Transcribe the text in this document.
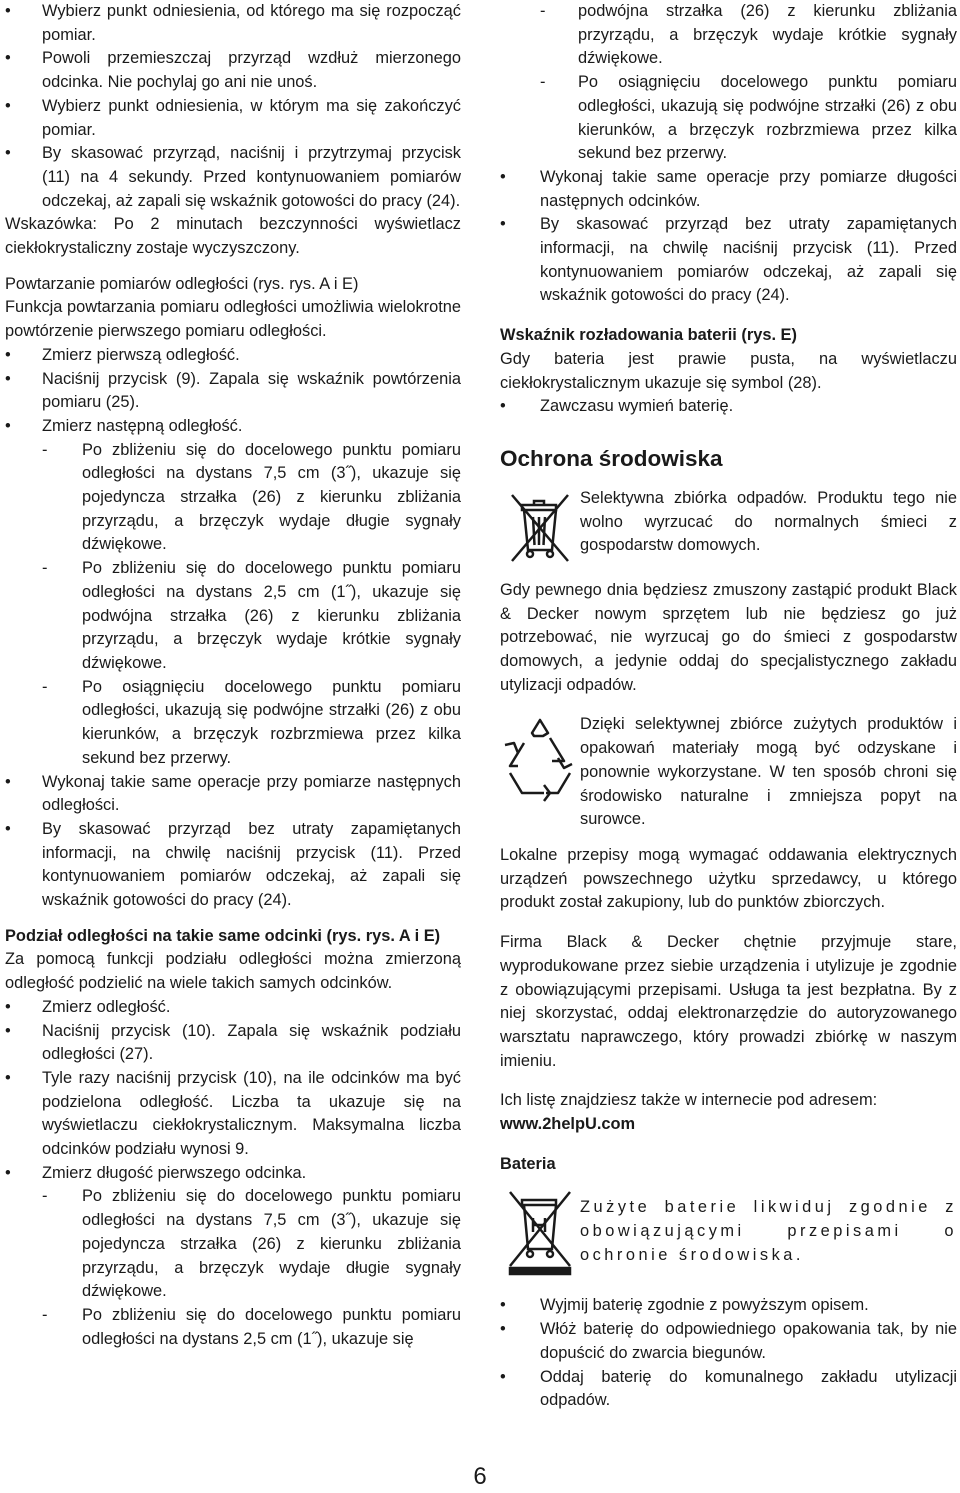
• Wybierz punkt odniesienia, od którego ma się rozpocząć pomiar.

• Powoli przemieszczaj przyrząd wzdłuż mierzonego odcinka. Nie pochylaj go ani nie unoś.

• Wybierz punkt odniesienia, w którym ma się zakończyć pomiar.

• By skasować przyrząd, naciśnij i przytrzymaj przycisk (11) na 4 sekundy. Przed kontynuowaniem pomiarów odczekaj, aż zapali się wskaźnik gotowości do pracy (24).

Wskazówka: Po 2 minutach bezczynności wyświetlacz ciekłokrystaliczny zostaje wyczyszczony.

Powtarzanie pomiarów odległości (rys. rys. A i E)

Funkcja powtarzania pomiaru odległości umożliwia wielokrotne powtórzenie pierwszego pomiaru odległości.

• Zmierz pierwszą odległość.

• Naciśnij przycisk (9). Zapala się wskaźnik powtórzenia pomiaru (25).

• Zmierz następną odległość.

- Po zbliżeniu się do docelowego punktu pomiaru odległości na dystans 7,5 cm (3˝), ukazuje się pojedyncza strzałka (26) z kierunku zbliżania przyrządu, a brzęczyk wydaje długie sygnały dźwiękowe.

- Po zbliżeniu się do docelowego punktu pomiaru odległości na dystans 2,5 cm (1˝), ukazuje się podwójna strzałka (26) z kierunku zbliżania przyrządu, a brzęczyk wydaje krótkie sygnały dźwiękowe.

- Po osiągnięciu docelowego punktu pomiaru odległości, ukazują się podwójne strzałki (26) z obu kierunków, a brzęczyk rozbrzmiewa przez kilka sekund bez przerwy.

• Wykonaj takie same operacje przy pomiarze następnych odległości.

• By skasować przyrząd bez utraty zapamiętanych informacji, na chwilę naciśnij przycisk (11). Przed kontynuowaniem pomiarów odczekaj, aż zapali się wskaźnik gotowości do pracy (24).

Podział odległości na takie same odcinki (rys. rys. A i E)

Za pomocą funkcji podziału odległości można zmierzoną odległość podzielić na wiele takich samych odcinków.

• Zmierz odległość.

• Naciśnij przycisk (10). Zapala się wskaźnik podziału odległości (27).

• Tyle razy naciśnij przycisk (10), na ile odcinków ma być podzielona odległość. Liczba ta ukazuje się na wyświetlaczu ciekłokrystalicznym. Maksymalna liczba odcinków podziału wynosi 9.

• Zmierz długość pierwszego odcinka.

- Po zbliżeniu się do docelowego punktu pomiaru odległości na dystans 7,5 cm (3˝), ukazuje się pojedyncza strzałka (26) z kierunku zbliżania przyrządu, a brzęczyk wydaje długie sygnały dźwiękowe.

- Po zbliżeniu się do docelowego punktu pomiaru odległości na dystans 2,5 cm (1˝), ukazuje się

- podwójna strzałka (26) z kierunku zbliżania przyrządu, a brzęczyk wydaje krótkie sygnały dźwiękowe.

- Po osiągnięciu docelowego punktu pomiaru odległości, ukazują się podwójne strzałki (26) z obu kierunków, a brzęczyk rozbrzmiewa przez kilka sekund bez przerwy.

• Wykonaj takie same operacje przy pomiarze długości następnych odcinków.

• By skasować przyrząd bez utraty zapamiętanych informacji, na chwilę naciśnij przycisk (11). Przed kontynuowaniem pomiarów odczekaj, aż zapali się wskaźnik gotowości do pracy (24).

Wskaźnik rozładowania baterii (rys. E)

Gdy bateria jest prawie pusta, na wyświetlaczu ciekłokrystalicznym ukazuje się symbol (28).

• Zawczasu wymień baterię.

Ochrona środowiska

Selektywna zbiórka odpadów. Produktu tego nie wolno wyrzucać do normalnych śmieci z gospodarstw domowych.

Gdy pewnego dnia będziesz zmuszony zastąpić produkt Black & Decker nowym sprzętem lub nie będziesz go już potrzebować, nie wyrzucaj go do śmieci z gospodarstw domowych, a jedynie oddaj do specjalistycznego zakładu utylizacji odpadów.

Dzięki selektywnej zbiórce zużytych produktów i opakowań materiały mogą być odzyskane i ponownie wykorzystane. W ten sposób chroni się środowisko naturalne i zmniejsza popyt na surowce.

Lokalne przepisy mogą wymagać oddawania elektrycznych urządzeń powszechnego użytku sprzedawcy, u którego produkt został zakupiony, lub do punktów zbiorczych.

Firma Black & Decker chętnie przyjmuje stare, wyprodukowane przez siebie urządzenia i utylizuje je zgodnie z obowiązującymi przepisami. Usługa ta jest bezpłatna. By z niej skorzystać, oddaj elektronarzędzie do autoryzowanego warsztatu naprawczego, który prowadzi zbiórkę w naszym imieniu.

Ich listę znajdziesz także w internecie pod adresem:

www.2helpU.com

Bateria

Zużyte baterie likwiduj zgodnie z obowiązującymi przepisami o ochronie środowiska.

• Wyjmij baterię zgodnie z powyższym opisem.

• Włóż baterię do odpowiedniego opakowania tak, by nie dopuścić do zwarcia biegunów.

• Oddaj baterię do komunalnego zakładu utylizacji odpadów.

6
